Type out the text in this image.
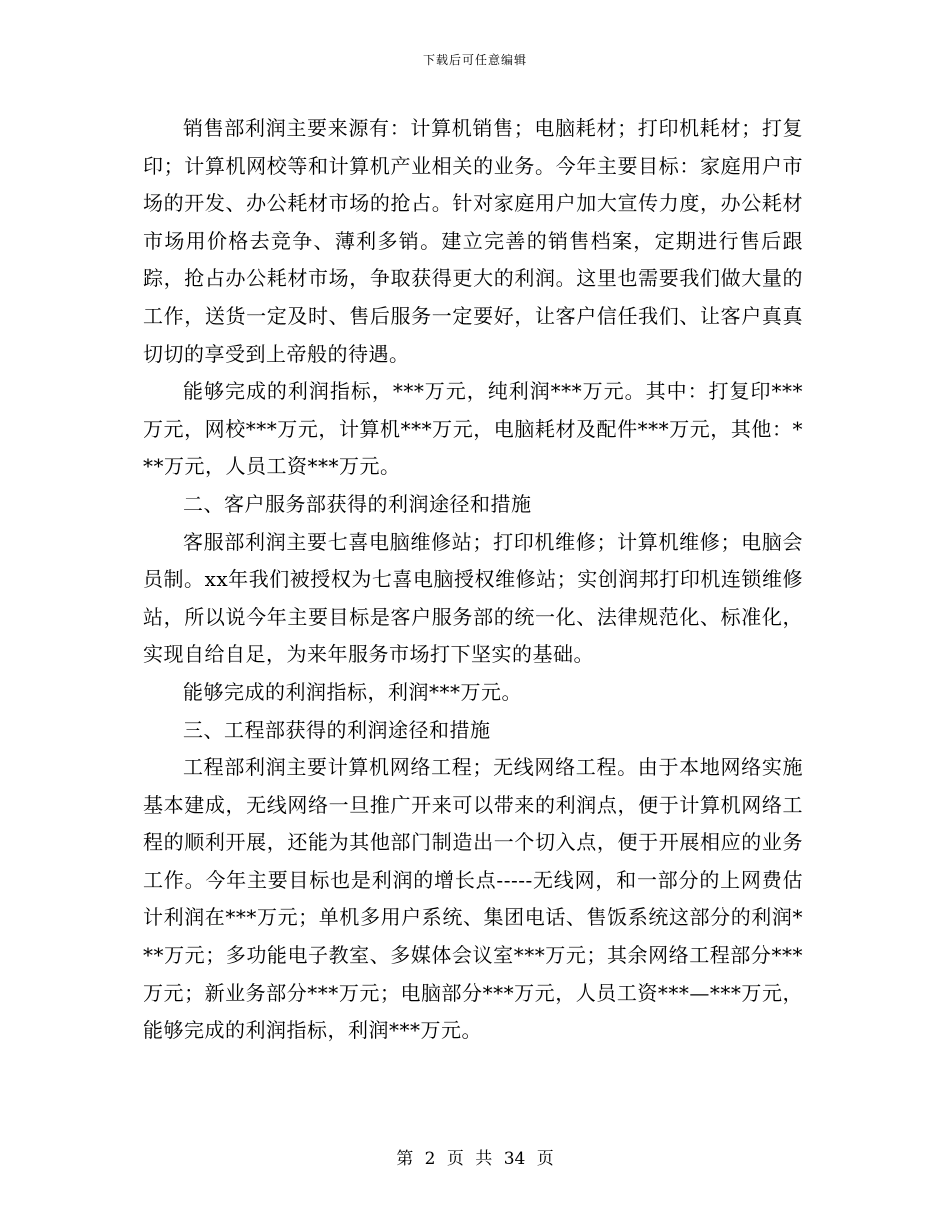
下载后可任意编辑

销售部利润主要来源有：计算机销售；电脑耗材；打印机耗材；打复印；计算机网校等和计算机产业相关的业务。今年主要目标：家庭用户市场的开发、办公耗材市场的抢占。针对家庭用户加大宣传力度，办公耗材市场用价格去竞争、薄利多销。建立完善的销售档案，定期进行售后跟踪，抢占办公耗材市场，争取获得更大的利润。这里也需要我们做大量的工作，送货一定及时、售后服务一定要好，让客户信任我们、让客户真真切切的享受到上帝般的待遇。

能够完成的利润指标，***万元，纯利润***万元。其中：打复印***万元，网校***万元，计算机***万元，电脑耗材及配件***万元，其他：***万元，人员工资***万元。

二、客户服务部获得的利润途径和措施

客服部利润主要七喜电脑维修站；打印机维修；计算机维修；电脑会员制。xx年我们被授权为七喜电脑授权维修站；实创润邦打印机连锁维修站，所以说今年主要目标是客户服务部的统一化、法律规范化、标准化，实现自给自足，为来年服务市场打下坚实的基础。

能够完成的利润指标，利润***万元。

三、工程部获得的利润途径和措施

工程部利润主要计算机网络工程；无线网络工程。由于本地网络实施基本建成，无线网络一旦推广开来可以带来的利润点，便于计算机网络工程的顺利开展，还能为其他部门制造出一个切入点，便于开展相应的业务工作。今年主要目标也是利润的增长点-----无线网，和一部分的上网费估计利润在***万元；单机多用户系统、集团电话、售饭系统这部分的利润***万元；多功能电子教室、多媒体会议室***万元；其余网络工程部分***万元；新业务部分***万元；电脑部分***万元，人员工资***—***万元，能够完成的利润指标，利润***万元。

第 2 页 共 34 页
